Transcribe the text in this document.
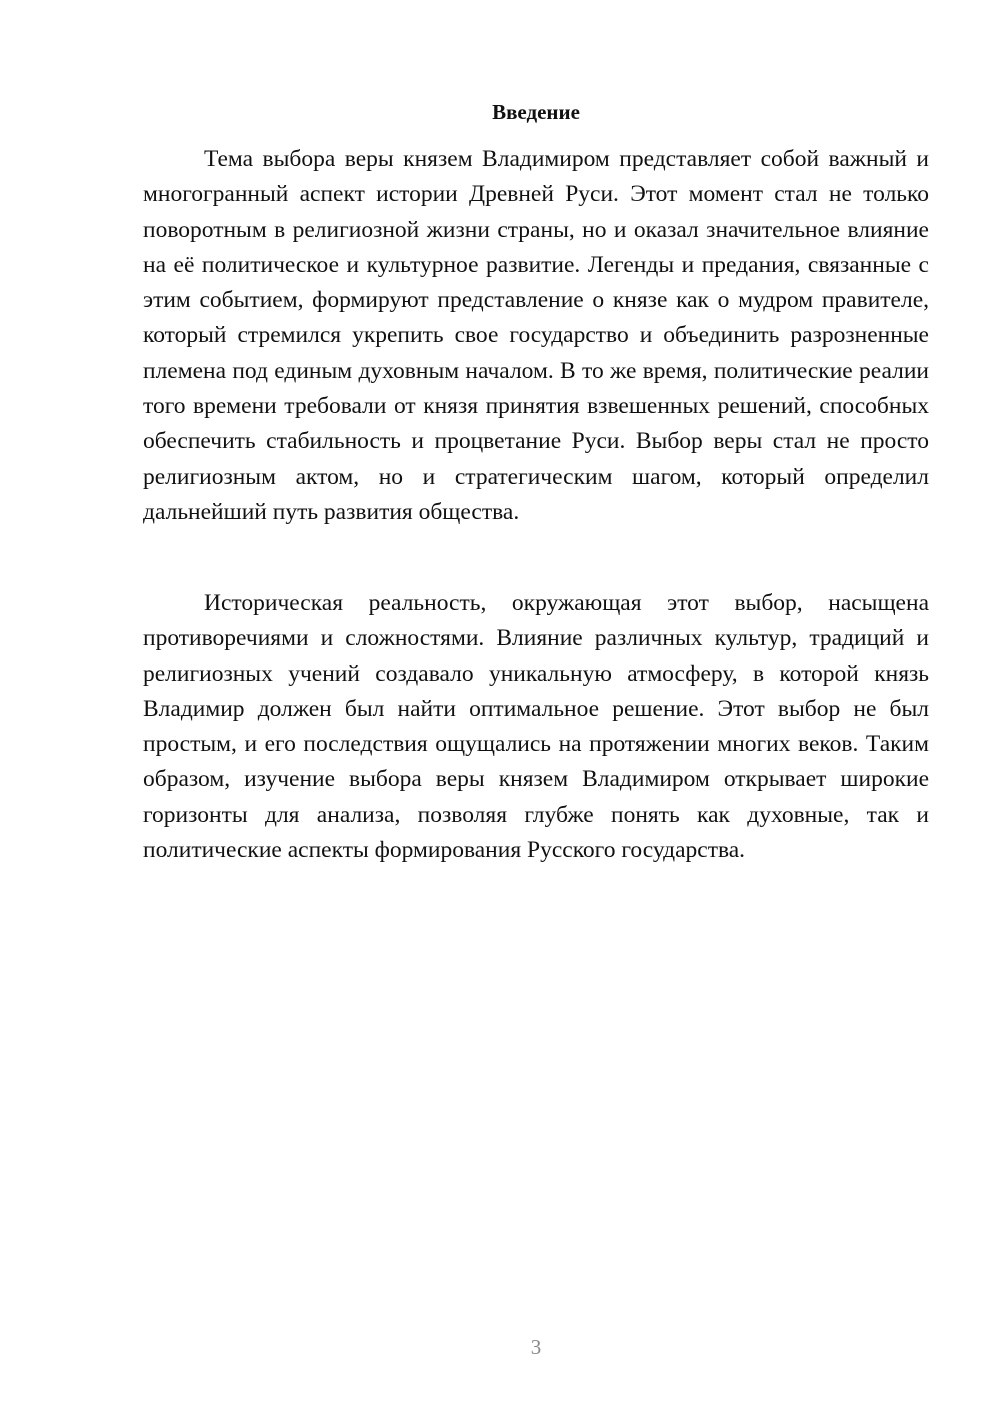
Введение

Тема выбора веры князем Владимиром представляет собой важный и многогранный аспект истории Древней Руси. Этот момент стал не только поворотным в религиозной жизни страны, но и оказал значительное влияние на её политическое и культурное развитие. Легенды и предания, связанные с этим событием, формируют представление о князе как о мудром правителе, который стремился укрепить свое государство и объединить разрозненные племена под единым духовным началом. В то же время, политические реалии того времени требовали от князя принятия взвешенных решений, способных обеспечить стабильность и процветание Руси. Выбор веры стал не просто религиозным актом, но и стратегическим шагом, который определил дальнейший путь развития общества.

Историческая реальность, окружающая этот выбор, насыщена противоречиями и сложностями. Влияние различных культур, традиций и религиозных учений создавало уникальную атмосферу, в которой князь Владимир должен был найти оптимальное решение. Этот выбор не был простым, и его последствия ощущались на протяжении многих веков. Таким образом, изучение выбора веры князем Владимиром открывает широкие горизонты для анализа, позволяя глубже понять как духовные, так и политические аспекты формирования Русского государства.

3
